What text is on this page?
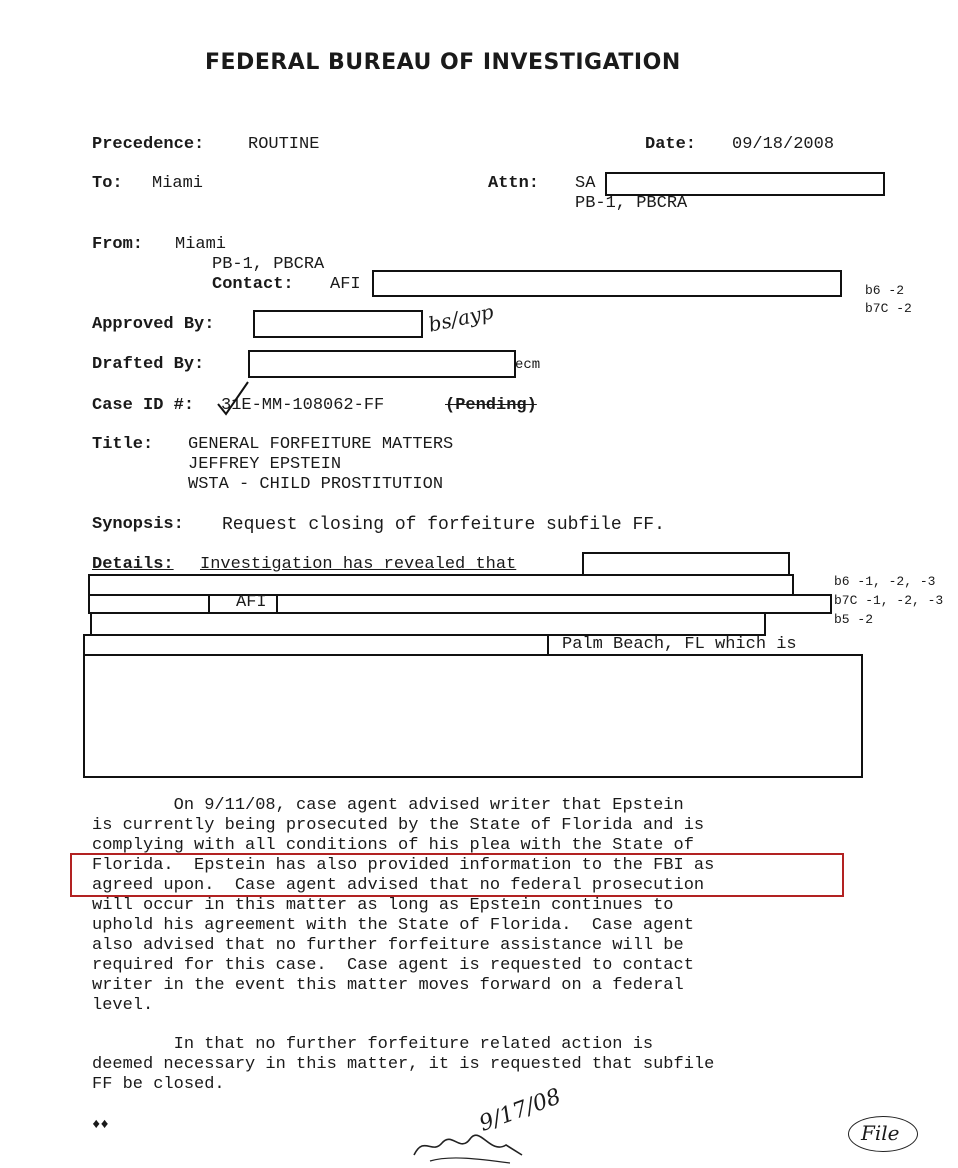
FEDERAL BUREAU OF INVESTIGATION
Precedence:	ROUTINE	Date: 09/18/2008
To: Miami	Attn: SA
PB-1, PBCRA
From: Miami
PB-1, PBCRA
Contact: AFI	b6 -2
b7C -2
Approved By:	bs/ayp
Drafted By:	ecm
Case ID #: 31E-MM-108062-FF	(Pending)
Title: GENERAL FORFEITURE MATTERS
JEFFREY EPSTEIN
WSTA - CHILD PROSTITUTION
Synopsis: Request closing of forfeiture subfile FF.
Details: Investigation has revealed that
AFI
Palm Beach, FL which is
b6 -1, -2, -3
b7C -1, -2, -3
b5 -2
On 9/11/08, case agent advised writer that Epstein
is currently being prosecuted by the State of Florida and is
complying with all conditions of his plea with the State of
Florida.  Epstein has also provided information to the FBI as
agreed upon.  Case agent advised that no federal prosecution
will occur in this matter as long as Epstein continues to
uphold his agreement with the State of Florida.  Case agent
also advised that no further forfeiture assistance will be
required for this case.  Case agent is requested to contact
writer in the event this matter moves forward on a federal
level.
In that no further forfeiture related action is
deemed necessary in this matter, it is requested that subfile
FF be closed.
♦♦	9/17/08	File
